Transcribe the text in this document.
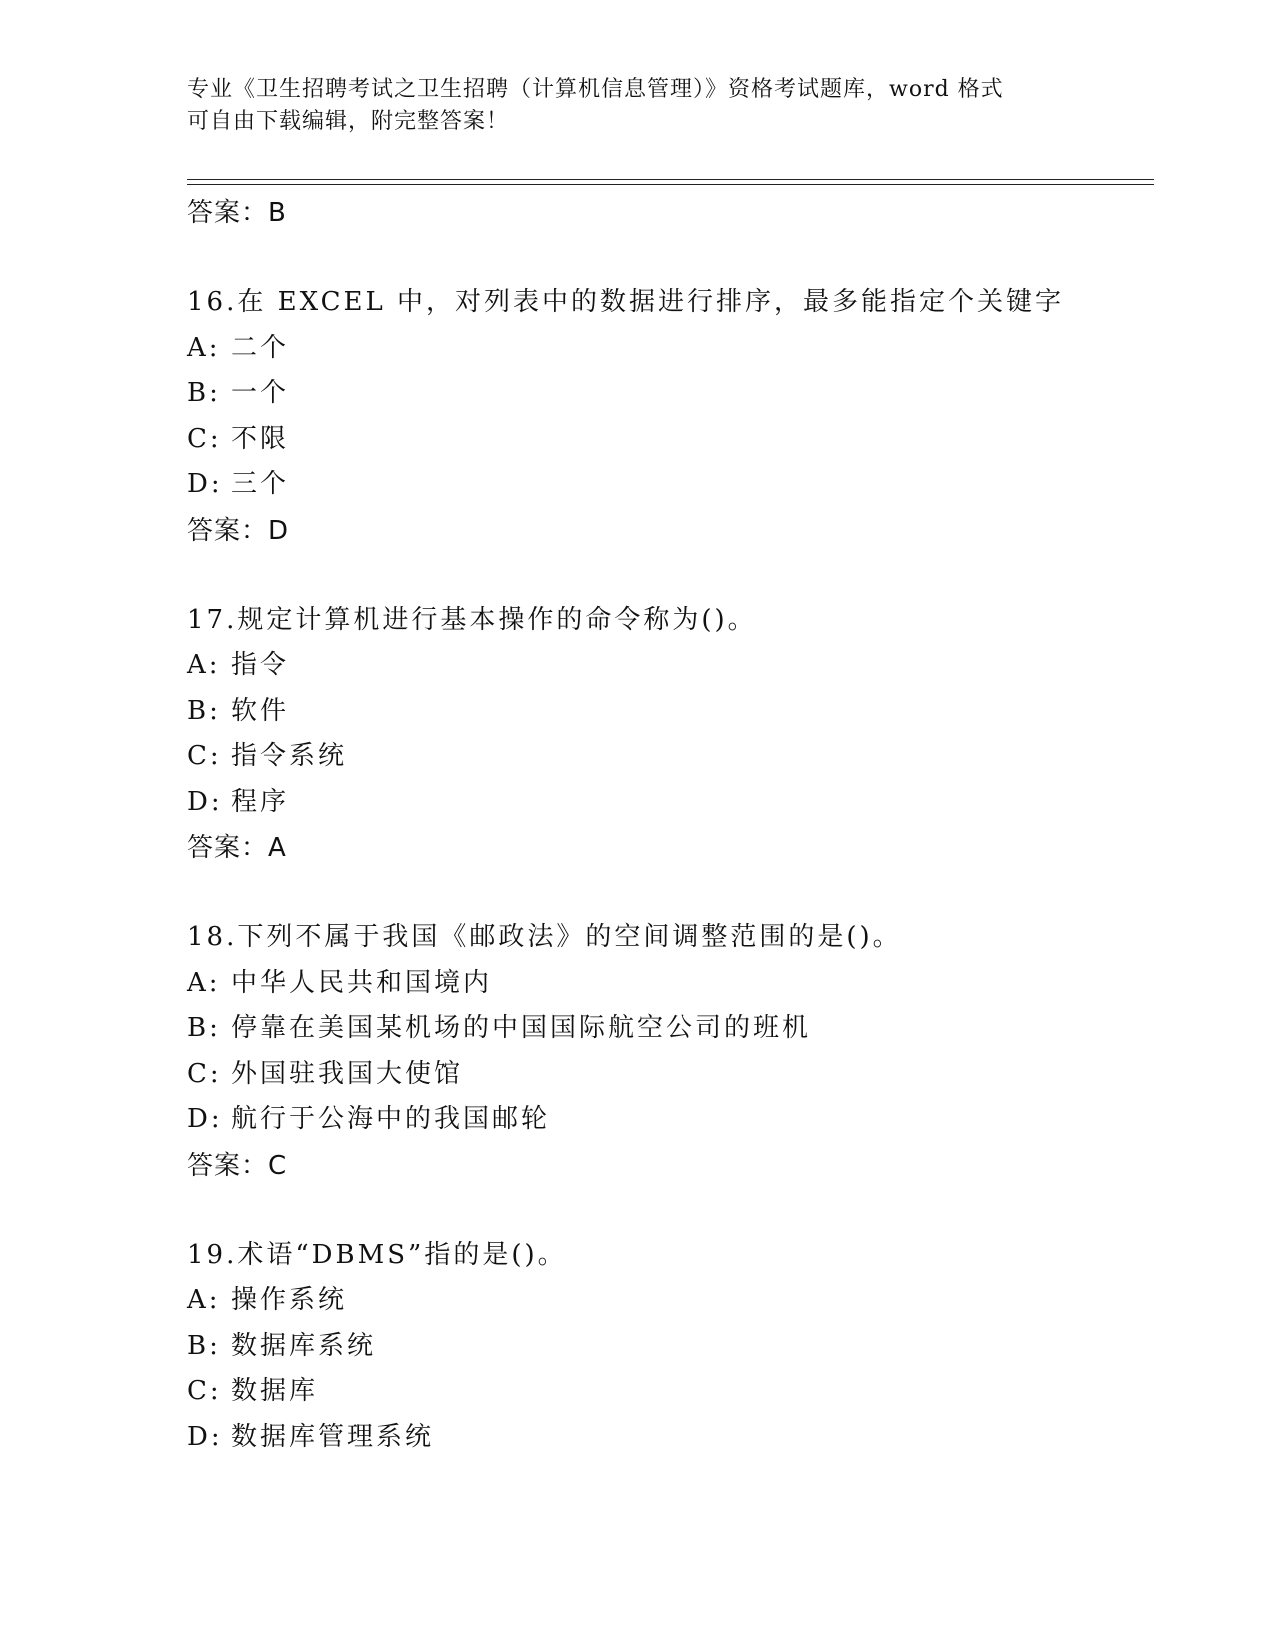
专业《卫生招聘考试之卫生招聘（计算机信息管理）》资格考试题库，word 格式
可自由下载编辑，附完整答案！
答案：B
16.在 EXCEL 中，对列表中的数据进行排序，最多能指定个关键字
A: 二个
B: 一个
C: 不限
D: 三个
答案：D
17.规定计算机进行基本操作的命令称为()。
A: 指令
B: 软件
C: 指令系统
D: 程序
答案：A
18.下列不属于我国《邮政法》的空间调整范围的是()。
A: 中华人民共和国境内
B: 停靠在美国某机场的中国国际航空公司的班机
C: 外国驻我国大使馆
D: 航行于公海中的我国邮轮
答案：C
19.术语“DBMS”指的是()。
A: 操作系统
B: 数据库系统
C: 数据库
D: 数据库管理系统
